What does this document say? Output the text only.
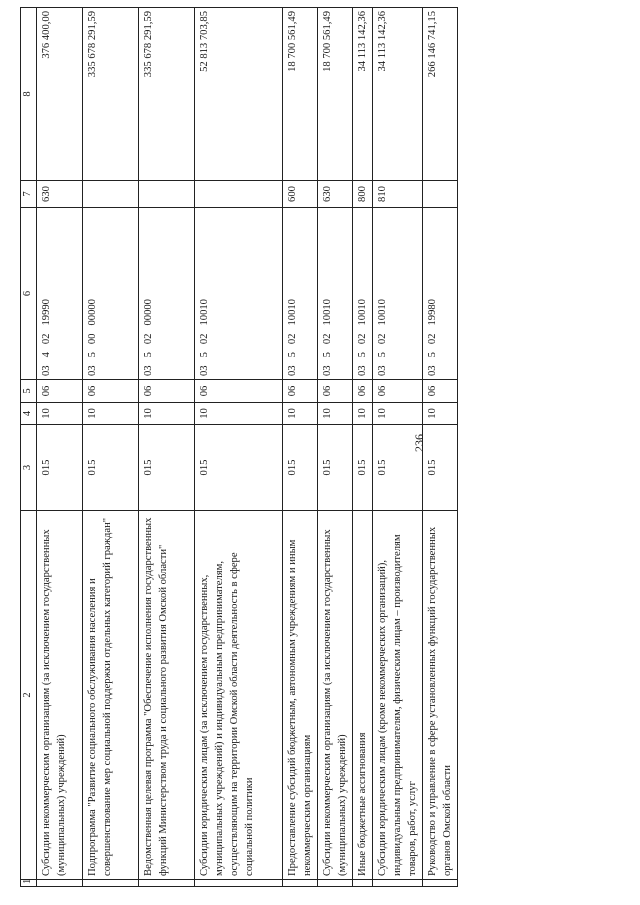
236
1	2	3	4	5	6	7	8
	Субсидии некоммерческим организациям (за исключением государственных (муниципальных) учреждений)	015	10	06	0340219990	630	376 400,00
	Подпрограмма "Развитие социального обслуживания населения и совершенствование мер социальной поддержки отдельных категорий граждан"	015	10	06	0350000000		335 678 291,59
	Ведомственная целевая программа "Обеспечение исполнения государственных функций Министерством труда и социального развития Омской области"	015	10	06	0350200000		335 678 291,59
	Субсидии юридическим лицам (за исключением государственных, муниципальных учреждений) и индивидуальным предпринимателям, осуществляющим на территории Омской области деятельность в сфере социальной политики	015	10	06	0350210010		52 813 703,85
	Предоставление субсидий бюджетным, автономным учреждениям и иным некоммерческим организациям	015	10	06	0350210010	600	18 700 561,49
	Субсидии некоммерческим организациям (за исключением государственных (муниципальных) учреждений)	015	10	06	0350210010	630	18 700 561,49
	Иные бюджетные ассигнования	015	10	06	0350210010	800	34 113 142,36
	Субсидии юридическим лицам (кроме некоммерческих организаций), индивидуальным предпринимателям, физическим лицам – производителям товаров, работ, услуг	015	10	06	0350210010	810	34 113 142,36
	Руководство и управление в сфере установленных функций государственных органов Омской области	015	10	06	0350219980		266 146 741,15
